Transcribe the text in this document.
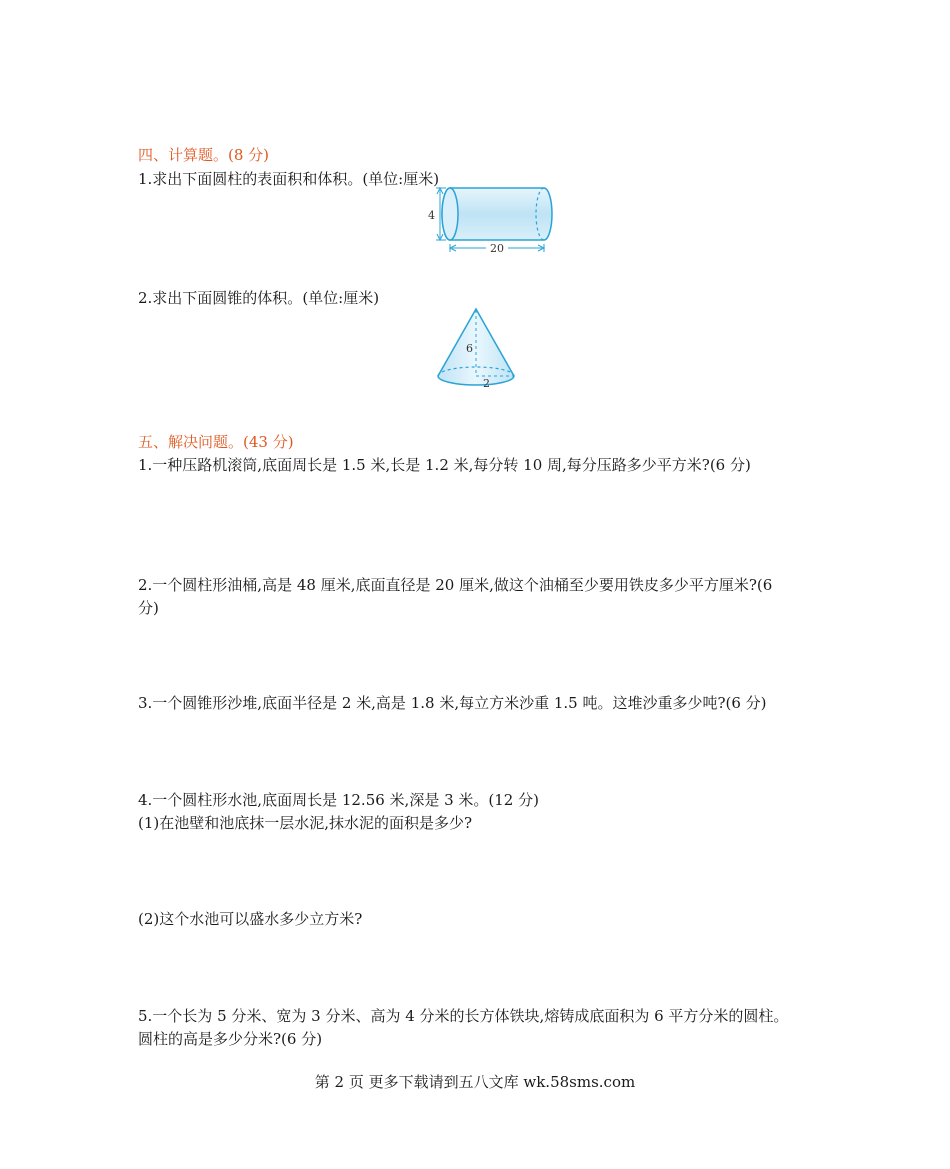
四、计算题。(8 分)
1.求出下面圆柱的表面积和体积。(单位:厘米)
4
20
2.求出下面圆锥的体积。(单位:厘米)
6
2
五、解决问题。(43 分)
1.一种压路机滚筒,底面周长是 1.5 米,长是 1.2 米,每分转 10 周,每分压路多少平方米?(6 分)
2.一个圆柱形油桶,高是 48 厘米,底面直径是 20 厘米,做这个油桶至少要用铁皮多少平方厘米?(6
分)
3.一个圆锥形沙堆,底面半径是 2 米,高是 1.8 米,每立方米沙重 1.5 吨。这堆沙重多少吨?(6 分)
4.一个圆柱形水池,底面周长是 12.56 米,深是 3 米。(12 分)
(1)在池壁和池底抹一层水泥,抹水泥的面积是多少?
(2)这个水池可以盛水多少立方米?
5.一个长为 5 分米、宽为 3 分米、高为 4 分米的长方体铁块,熔铸成底面积为 6 平方分米的圆柱。
圆柱的高是多少分米?(6 分)
第 2 页 更多下载请到五八文库 wk.58sms.com
